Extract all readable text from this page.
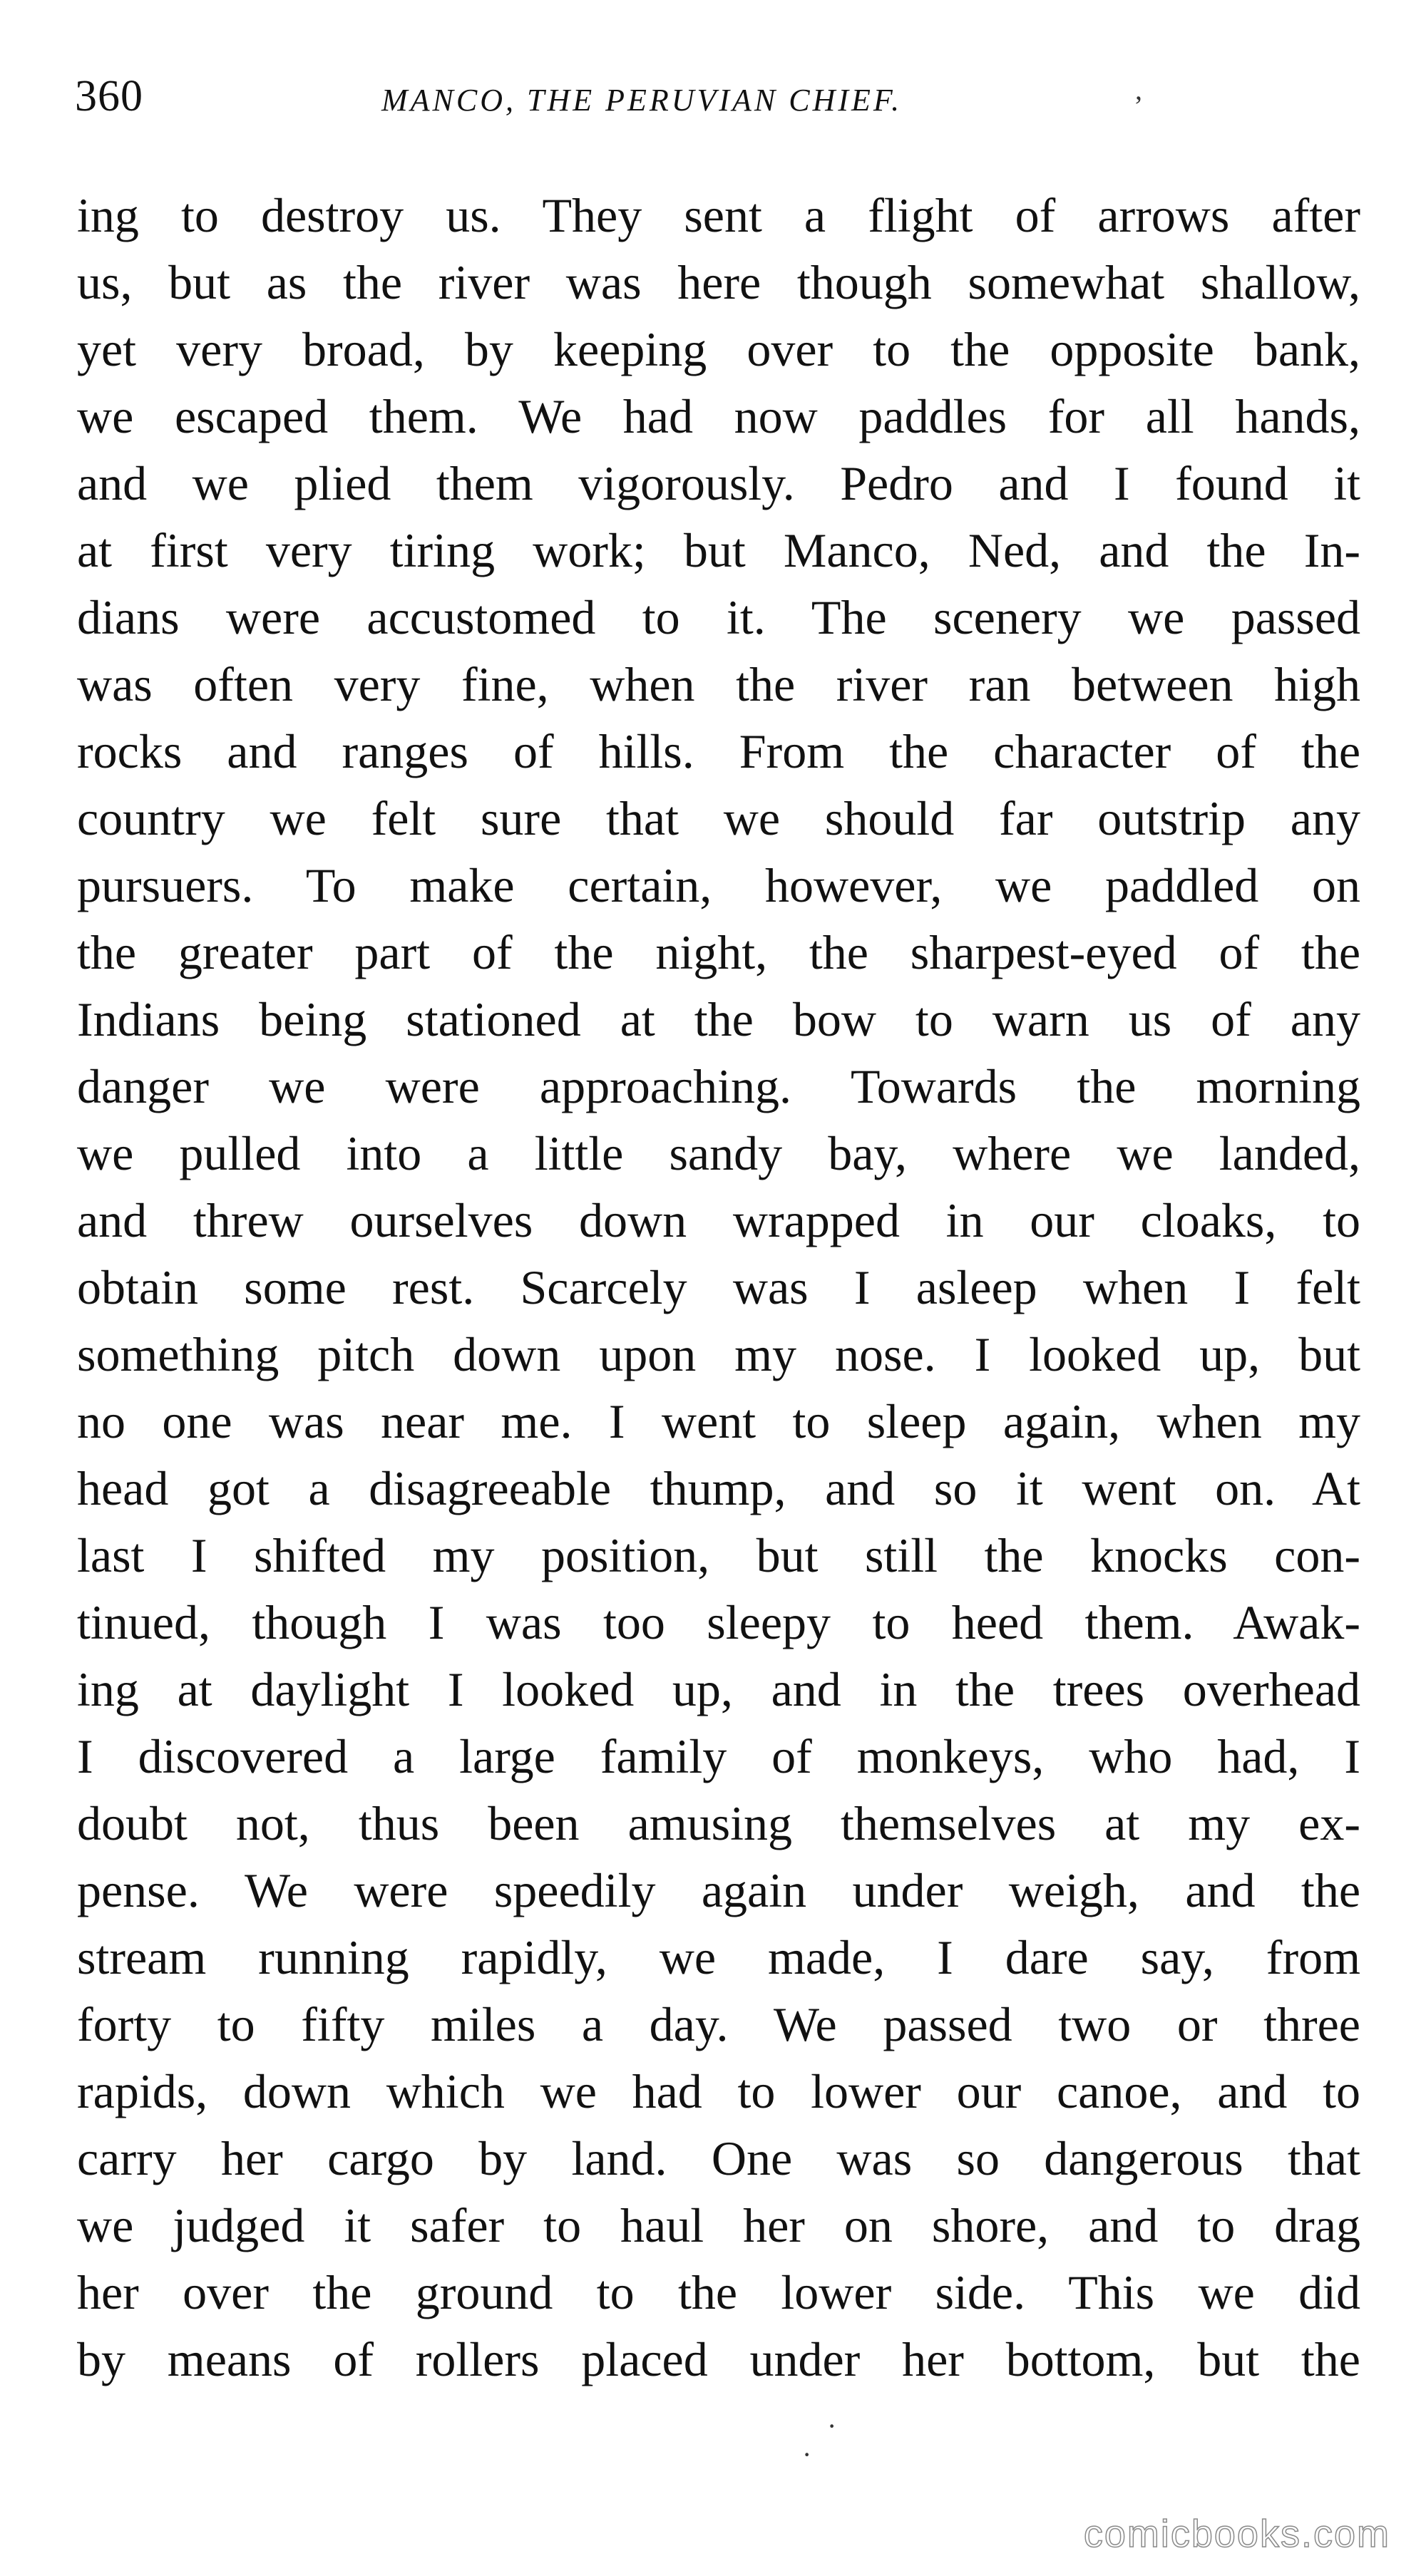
360	MANCO, THE PERUVIAN CHIEF.
ing to destroy us. They sent a flight of arrows after
us, but as the river was here though somewhat shallow,
yet very broad, by keeping over to the opposite bank,
we escaped them. We had now paddles for all hands,
and we plied them vigorously. Pedro and I found it
at first very tiring work; but Manco, Ned, and the In-
dians were accustomed to it. The scenery we passed
was often very fine, when the river ran between high
rocks and ranges of hills. From the character of the
country we felt sure that we should far outstrip any
pursuers. To make certain, however, we paddled on
the greater part of the night, the sharpest-eyed of the
Indians being stationed at the bow to warn us of any
danger we were approaching. Towards the morning
we pulled into a little sandy bay, where we landed,
and threw ourselves down wrapped in our cloaks, to
obtain some rest. Scarcely was I asleep when I felt
something pitch down upon my nose. I looked up, but
no one was near me. I went to sleep again, when my
head got a disagreeable thump, and so it went on. At
last I shifted my position, but still the knocks con-
tinued, though I was too sleepy to heed them. Awak-
ing at daylight I looked up, and in the trees overhead
I discovered a large family of monkeys, who had, I
doubt not, thus been amusing themselves at my ex-
pense. We were speedily again under weigh, and the
stream running rapidly, we made, I dare say, from
forty to fifty miles a day. We passed two or three
rapids, down which we had to lower our canoe, and to
carry her cargo by land. One was so dangerous that
we judged it safer to haul her on shore, and to drag
her over the ground to the lower side. This we did
by means of rollers placed under her bottom, but the
’
·
·
comicbooks.com
